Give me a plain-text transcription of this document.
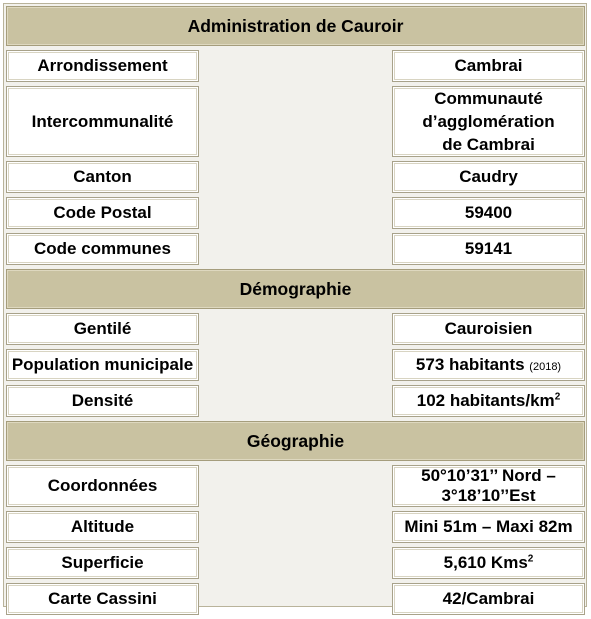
Administration de Cauroir		
Arrondissement		Cambrai
Intercommunalité		Communauté d’agglomération
de Cambrai
Canton		Caudry
Code Postal		59400
Code communes		59141
Démographie		
Gentilé		Cauroisien
Population municipale		573 habitants (2018)
Densité		102 habitants/$km^2$
Géographie		
Coordonnées		50°10’31’’ Nord – 3°18’10’’Est
Altitude		Mini 51m – Maxi 82m
Superficie		5,610 Kms$^2$
Carte Cassini		42/Cambrai
